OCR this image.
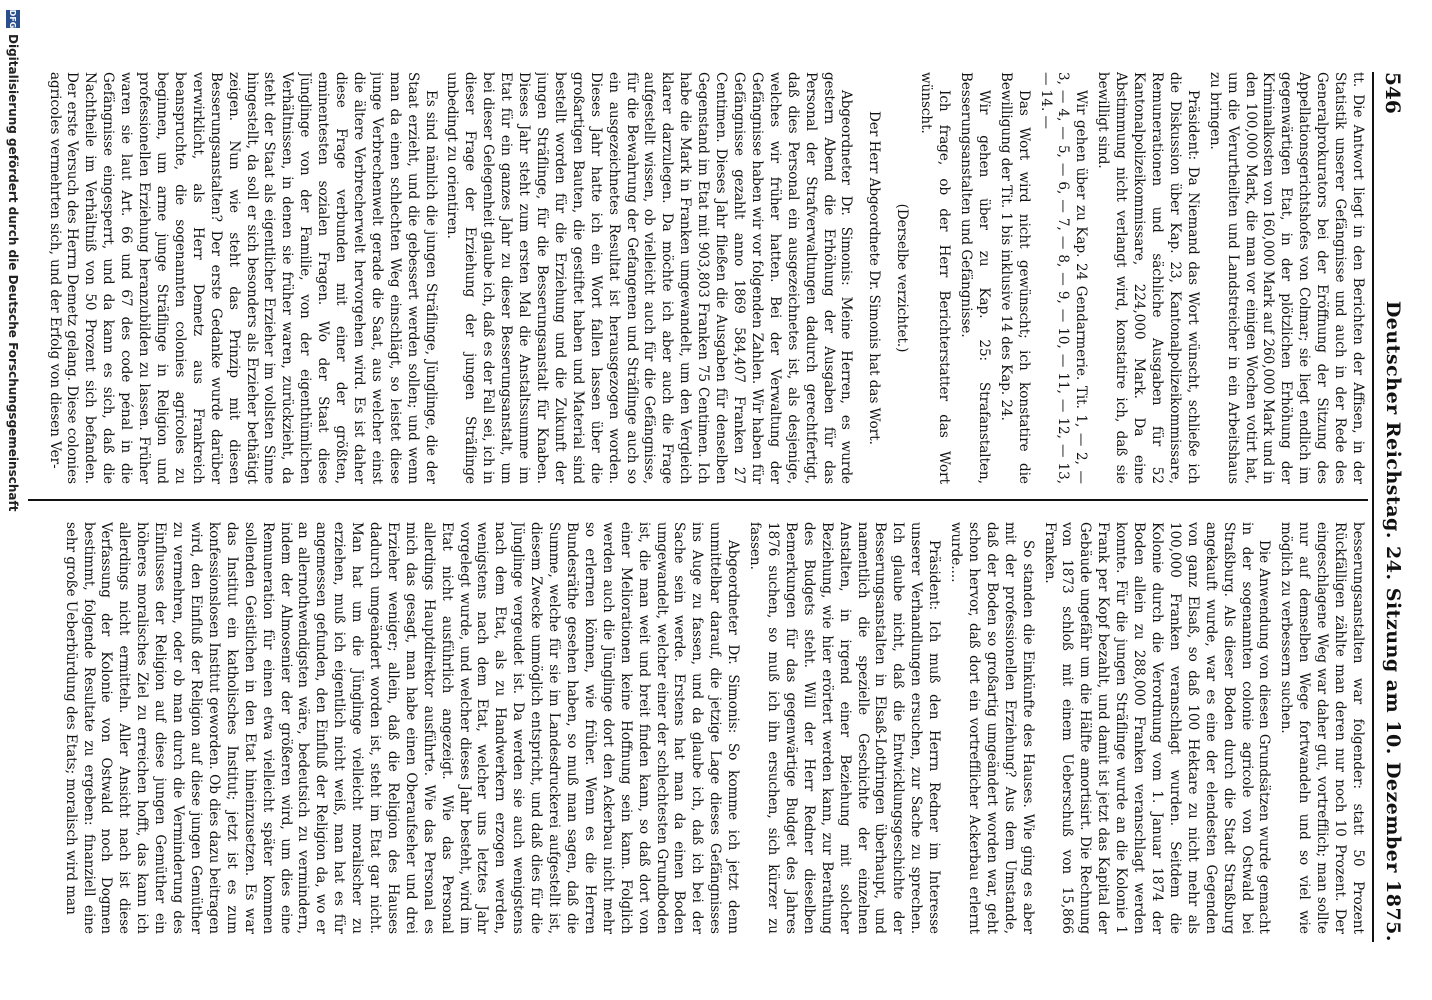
546
Deutscher Reichstag. 24. Sitzung am 10. Dezember 1875.

tt. Die Antwort liegt in den Berichten der Affisen, in der Statistik unserer Gefängnisse und auch in der Rede des Generalprokurators bei der Eröffnung der Sitzung des Appellationsgerichtshofes von Colmar; sie liegt endlich im gegenwärtigen Etat, in der plötzlichen Erhöhung der Kriminalkosten von 160,000 Mark auf 260,000 Mark und in den 100,000 Mark, die man vor einigen Wochen votirt hat, um die Verurtheilten und Landstreicher in ein Arbeitshaus zu bringen.

Präsident: Da Niemand das Wort wünscht, schließe ich die Diskussion über Kap. 23, Kantonalpolizeikommissare, Remunerationen und sächliche Ausgaben für 52 Kantonalpolizeikommissare, 224,000 Mark. Da eine Abstimmung nicht verlangt wird, konstatire ich, daß sie bewilligt sind.

Wir gehen über zu Kap. 24 Gendarmerie. Tit. 1, — 2, — 3, — 4, — 5, — 6, — 7, — 8, — 9, — 10, — 11, — 12, — 13, — 14. —

Das Wort wird nicht gewünscht; ich konstatire die Bewilligung der Tit. 1 bis inklusive 14 des Kap. 24.

Wir gehen über zu Kap. 25: Strafanstalten, Besserungsanstalten und Gefängnisse.

Ich frage, ob der Herr Berichterstatter das Wort wünscht.

(Derselbe verzichtet.)

Der Herr Abgeordnete Dr. Simonis hat das Wort.

Abgeordneter Dr. Simonis: Meine Herren, es wurde gestern Abend die Erhöhung der Ausgaben für das Personal der Strafverwaltungen dadurch gerechtfertigt, daß dies Personal ein ausgezeichnetes ist, als desjenige, welches wir früher hatten. Bei der Verwaltung der Gefängnisse haben wir vor folgenden Zahlen. Wir haben für Gefängnisse gezahlt anno 1869 584,407 Franken 27 Centimen. Dieses Jahr fließen die Ausgaben für denselben Gegenstand im Etat mit 903,803 Franken 75 Centimen. Ich habe die Mark in Franken umgewandelt, um den Vergleich klarer darzulegen. Da möchte ich aber auch die Frage aufgestellt wissen, ob vielleicht auch für die Gefängnisse, für die Bewahrung der Gefangenen und Sträflinge auch so ein ausgezeichnetes Resultat ist herausgezogen worden. Dieses Jahr hatte ich ein Wort fallen lassen über die großartigen Bauten, die gestiftet haben und Material sind bestellt worden für die Erziehung und die Zukunft der jungen Sträflinge, für die Besserungsanstalt für Knaben. Dieses Jahr steht zum ersten Mal die Anstaltssumme im Etat für ein ganzes Jahr zu dieser Besserungsanstalt, um bei dieser Gelegenheit glaube ich, daß es der Fall sei, ich in dieser Frage der Erziehung der jungen Sträflinge unbedingt zu orientiren.

Es sind nämlich die jungen Sträflinge, Jünglinge, die der Staat erzieht, und die gebessert werden sollen; und wenn man da einen schlechten Weg einschlägt, so leistet diese junge Verbrechenwelt gerade die Saat, aus welcher einst die ältere Verbrecherwelt hervorgehen wird. Es ist daher diese Frage verbunden mit einer der größten, eminentesten sozialen Fragen. Wo der Staat diese Jünglinge von der Familie, von der eigenthümlichen Verhältnissen, in denen sie früher waren, zurückzieht, da steht der Staat als eigentlicher Erzieher im vollsten Sinne hingestellt, da soll er sich besonders als Erzieher bethätigt zeigen. Nun wie steht das Prinzip mit diesen Besserungsanstalten? Der erste Gedanke wurde darüber verwirklicht, als Herr Demetz aus Frankreich beanspruchte, die sogenannten colonies agricoles zu beginnen, um arme junge Sträflinge in Religion und professionellen Erziehung heranzubilden zu lassen. Früher waren sie laut Art. 66 und 67 des code pénal in die Gefängnisse eingesperrt, und da kann es sich, daß die Nachtheile im Verhältniß von 50 Prozent sich befanden. Der erste Versuch des Herrn Demetz gelang. Diese colonies agricoles vermehrten sich, und der Erfolg von diesen Ver-

besserungsanstalten war folgender: statt 50 Prozent Rückfälligen zählte man deren nur noch 10 Prozent. Der eingeschlagene Weg war daher gut, vortrefflich; man sollte nur auf demselben Wege fortwandeln und so viel wie möglich zu verbessern suchen.

Die Anwendung von diesen Grundsätzen wurde gemacht in der sogenannten colonie agricole von Ostwald bei Straßburg. Als dieser Boden durch die Stadt Straßburg angekauft wurde, war es eine der elendesten Gegenden von ganz Elsaß, so daß 100 Hektare zu nicht mehr als 100,000 Franken veranschlagt wurden. Seitdem die Kolonie durch die Verordnung vom 1. Januar 1874 der Boden allein zu 288,000 Franken veranschlagt werden konnte. Für die jungen Sträflinge wurde an die Kolonie 1 Frank per Kopf bezahlt, und damit ist jetzt das Kapital der Gebäude ungefähr um die Hälfte amortisirt. Die Rechnung von 1873 schloß mit einem Ueberschuß von 15,866 Franken.

So standen die Einkünfte des Hauses. Wie ging es aber mit der professionellen Erziehung? Aus dem Umstande, daß der Boden so großartig umgeändert worden war, geht schon hervor, daß dort ein vortrefflicher Ackerbau erlernt wurde....

Präsident: Ich muß den Herrn Redner im Interesse unserer Verhandlungen ersuchen, zur Sache zu sprechen. Ich glaube nicht, daß die Entwicklungsgeschichte der Besserungsanstalten in Elsaß-Lothringen überhaupt, und namentlich die spezielle Geschichte der einzelnen Anstalten, in irgend einer Beziehung mit solcher Beziehung, wie hier erörtert werden kann, zur Berathung des Budgets steht. Will der Herr Redner dieselben Bemerkungen für das gegenwärtige Budget des Jahres 1876 suchen, so muß ich ihn ersuchen, sich kürzer zu fassen.

Abgeordneter Dr. Simonis: So komme ich jetzt denn unmittelbar darauf, die jetzige Lage dieses Gefängnisses ins Auge zu fassen, und da glaube ich, daß ich bei der Sache sein werde. Erstens hat man da einen Boden umgewandelt, welcher einer der schlechtesten Grundboden ist, die man weit und breit finden kann, so daß dort von einer Meliorationen keine Hoffnung sein kann. Folglich werden auch die Jünglinge dort den Ackerbau nicht mehr so erlernen können, wie früher. Wenn es die Herren Bundesräthe gesehen haben, so muß man sagen, daß die Summe, welche für sie im Landesdruckerei aufgestellt ist, diesem Zwecke unmöglich entspricht, und daß dies für die Jünglinge vergeudet ist. Da werden sie auch wenigstens nach dem Etat, als zu Handwerkern erzogen werden, wenigstens nach dem Etat, welcher uns letztes Jahr vorgelegt wurde, und welcher dieses Jahr besteht, wird im Etat nicht ausführlich angezeigt. Wie das Personal allerdings Hauptdirektor ausführte. Wie das Personal es mich das gesagt, man habe einen Oberaufseher und drei Erzieher weniger; allein, daß die Religion des Hauses dadurch umgeändert worden ist, steht im Etat gar nicht. Man hat um die Jünglinge vielleicht moralischer zu erziehen, muß ich eigentlich nicht weiß, man hat es für angemessen gefunden, den Einfluß der Religion da, wo er an allernothwendigsten wäre, bedeutsich zu vermindern, indem der Almosenier der größeren wird, um dies eine Remuneration für einen etwa vielleicht später kommen sollenden Geistlichen in den Etat hineinzusetzen. Es war das Institut ein katholisches Institut; jetzt ist es zum konfessionslosen Institut geworden. Ob dies dazu beitragen wird, den Einfluß der Religion auf diese jungen Gemüther zu vermehren, oder ob man durch die Verminderung des Einflusses der Religion auf diese jungen Gemüther ein höheres moralisches Ziel zu erreichen hofft, das kann ich allerdings nicht ermitteln. Aller Ansicht nach ist diese Verfassung der Kolonie von Ostwald noch Dogmen bestimmt, folgende Resultate zu ergeben: finanziell eine sehr große Ueberbürdung des Etats; moralisch wird man

DFG
Digitalisierung gefördert durch die Deutsche Forschungsgemeinschaft
